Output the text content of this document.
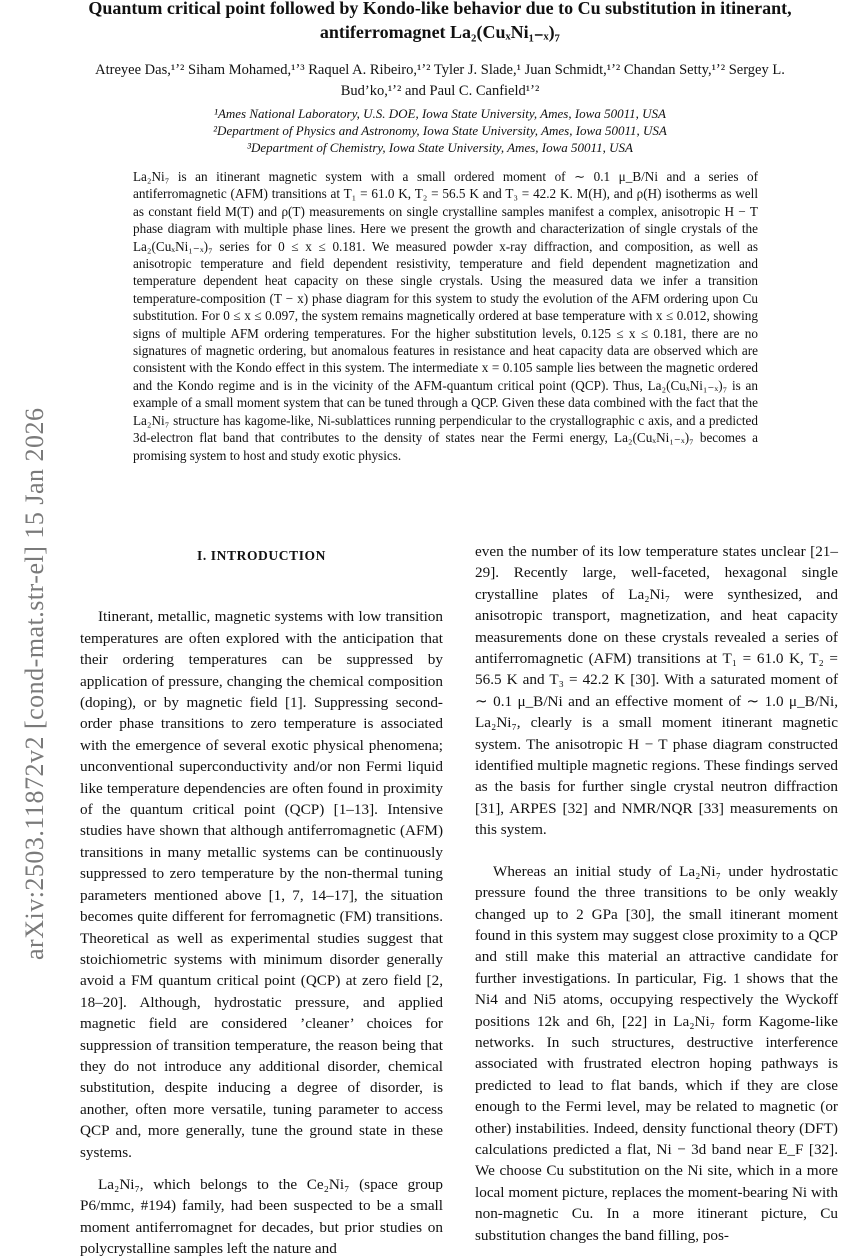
arXiv:2503.11872v2 [cond-mat.str-el] 15 Jan 2026
Quantum critical point followed by Kondo-like behavior due to Cu substitution in itinerant, antiferromagnet La₂(CuₓNi₁₋ₓ)₇
Atreyee Das,¹ʼ² Siham Mohamed,¹ʼ³ Raquel A. Ribeiro,¹ʼ² Tyler J. Slade,¹ Juan Schmidt,¹ʼ² Chandan Setty,¹ʼ² Sergey L. Bud’ko,¹ʼ² and Paul C. Canfield¹ʼ²
¹Ames National Laboratory, U.S. DOE, Iowa State University, Ames, Iowa 50011, USA
²Department of Physics and Astronomy, Iowa State University, Ames, Iowa 50011, USA
³Department of Chemistry, Iowa State University, Ames, Iowa 50011, USA
La₂Ni₇ is an itinerant magnetic system with a small ordered moment of ∼ 0.1 μ_B/Ni and a series of antiferromagnetic (AFM) transitions at T₁ = 61.0 K, T₂ = 56.5 K and T₃ = 42.2 K. M(H), and ρ(H) isotherms as well as constant field M(T) and ρ(T) measurements on single crystalline samples manifest a complex, anisotropic H − T phase diagram with multiple phase lines. Here we present the growth and characterization of single crystals of the La₂(CuₓNi₁₋ₓ)₇ series for 0 ≤ x ≤ 0.181. We measured powder x-ray diffraction, and composition, as well as anisotropic temperature and field dependent resistivity, temperature and field dependent magnetization and temperature dependent heat capacity on these single crystals. Using the measured data we infer a transition temperature-composition (T − x) phase diagram for this system to study the evolution of the AFM ordering upon Cu substitution. For 0 ≤ x ≤ 0.097, the system remains magnetically ordered at base temperature with x ≤ 0.012, showing signs of multiple AFM ordering temperatures. For the higher substitution levels, 0.125 ≤ x ≤ 0.181, there are no signatures of magnetic ordering, but anomalous features in resistance and heat capacity data are observed which are consistent with the Kondo effect in this system. The intermediate x = 0.105 sample lies between the magnetic ordered and the Kondo regime and is in the vicinity of the AFM-quantum critical point (QCP). Thus, La₂(CuₓNi₁₋ₓ)₇ is an example of a small moment system that can be tuned through a QCP. Given these data combined with the fact that the La₂Ni₇ structure has kagome-like, Ni-sublattices running perpendicular to the crystallographic c axis, and a predicted 3d-electron flat band that contributes to the density of states near the Fermi energy, La₂(CuₓNi₁₋ₓ)₇ becomes a promising system to host and study exotic physics.
I. INTRODUCTION

Itinerant, metallic, magnetic systems with low transition temperatures are often explored with the anticipation that their ordering temperatures can be suppressed by application of pressure, changing the chemical composition (doping), or by magnetic field [1]. Suppressing second-order phase transitions to zero temperature is associated with the emergence of several exotic physical phenomena; unconventional superconductivity and/or non Fermi liquid like temperature dependencies are often found in proximity of the quantum critical point (QCP) [1–13]. Intensive studies have shown that although antiferromagnetic (AFM) transitions in many metallic systems can be continuously suppressed to zero temperature by the non-thermal tuning parameters mentioned above [1, 7, 14–17], the situation becomes quite different for ferromagnetic (FM) transitions. Theoretical as well as experimental studies suggest that stoichiometric systems with minimum disorder generally avoid a FM quantum critical point (QCP) at zero field [2, 18–20]. Although, hydrostatic pressure, and applied magnetic field are considered ’cleaner’ choices for suppression of transition temperature, the reason being that they do not introduce any additional disorder, chemical substitution, despite inducing a degree of disorder, is another, often more versatile, tuning parameter to access QCP and, more generally, tune the ground state in these systems.

La₂Ni₇, which belongs to the Ce₂Ni₇ (space group P6/mmc, #194) family, had been suspected to be a small moment antiferromagnet for decades, but prior studies on polycrystalline samples left the nature and

even the number of its low temperature states unclear [21–29]. Recently large, well-faceted, hexagonal single crystalline plates of La₂Ni₇ were synthesized, and anisotropic transport, magnetization, and heat capacity measurements done on these crystals revealed a series of antiferromagnetic (AFM) transitions at T₁ = 61.0 K, T₂ = 56.5 K and T₃ = 42.2 K [30]. With a saturated moment of ∼ 0.1 μ_B/Ni and an effective moment of ∼ 1.0 μ_B/Ni, La₂Ni₇, clearly is a small moment itinerant magnetic system. The anisotropic H − T phase diagram constructed identified multiple magnetic regions. These findings served as the basis for further single crystal neutron diffraction [31], ARPES [32] and NMR/NQR [33] measurements on this system.

Whereas an initial study of La₂Ni₇ under hydrostatic pressure found the three transitions to be only weakly changed up to 2 GPa [30], the small itinerant moment found in this system may suggest close proximity to a QCP and still make this material an attractive candidate for further investigations. In particular, Fig. 1 shows that the Ni4 and Ni5 atoms, occupying respectively the Wyckoff positions 12k and 6h, [22] in La₂Ni₇ form Kagome-like networks. In such structures, destructive interference associated with frustrated electron hoping pathways is predicted to lead to flat bands, which if they are close enough to the Fermi level, may be related to magnetic (or other) instabilities. Indeed, density functional theory (DFT) calculations predicted a flat, Ni − 3d band near E_F [32]. We choose Cu substitution on the Ni site, which in a more local moment picture, replaces the moment-bearing Ni with non-magnetic Cu. In a more itinerant picture, Cu substitution changes the band filling, pos-
